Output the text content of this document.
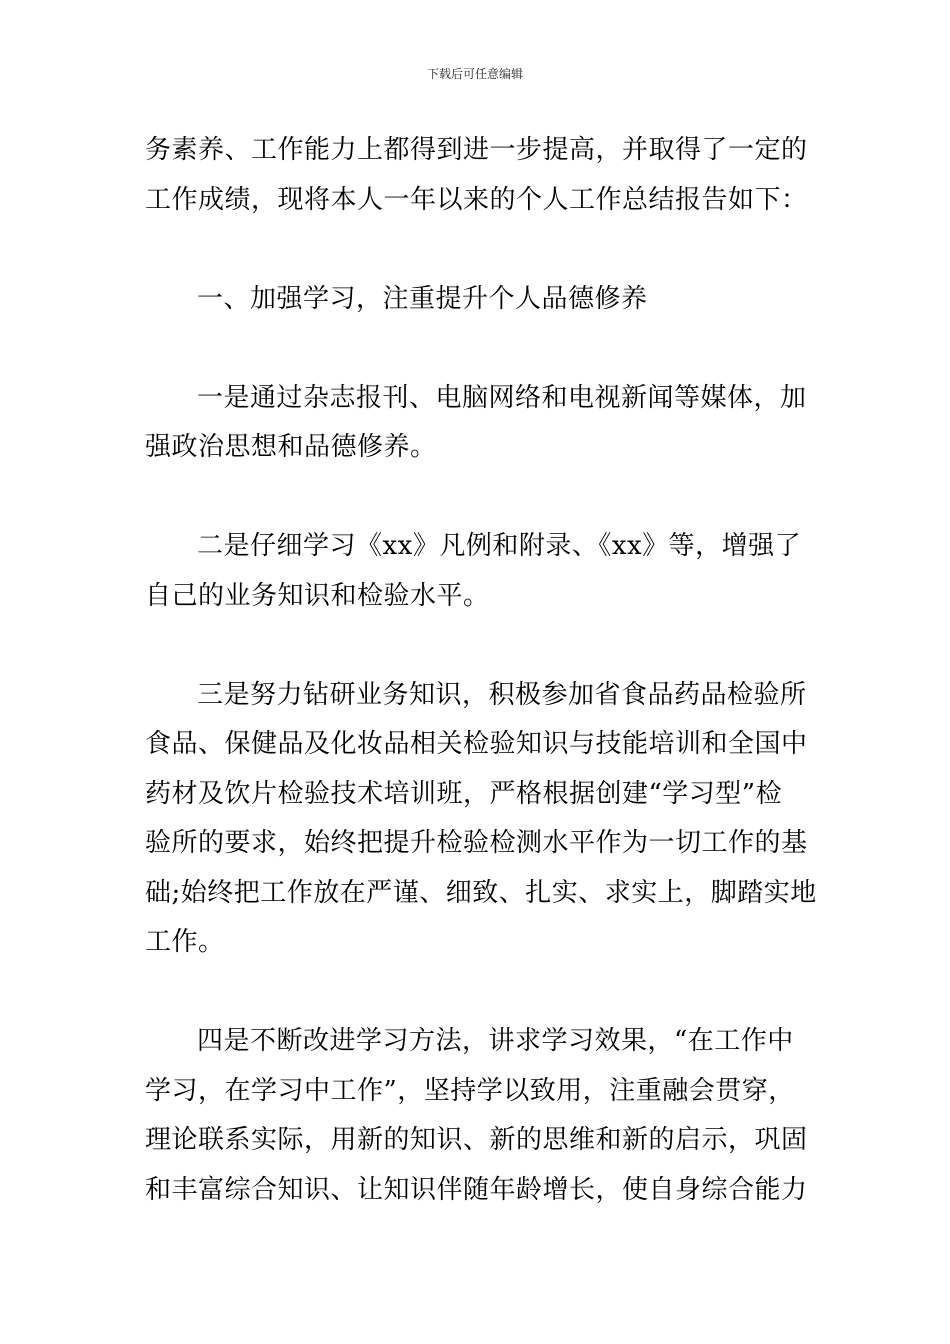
下载后可任意编辑
务素养、工作能力上都得到进一步提高，并取得了一定的
工作成绩，现将本人一年以来的个人工作总结报告如下：
一、加强学习，注重提升个人品德修养
一是通过杂志报刊、电脑网络和电视新闻等媒体，加
强政治思想和品德修养。
二是仔细学习《xx》凡例和附录、《xx》等，增强了
自己的业务知识和检验水平。
三是努力钻研业务知识，积极参加省食品药品检验所
食品、保健品及化妆品相关检验知识与技能培训和全国中
药材及饮片检验技术培训班，严格根据创建“学习型”检
验所的要求，始终把提升检验检测水平作为一切工作的基
础;始终把工作放在严谨、细致、扎实、求实上，脚踏实地
工作。
四是不断改进学习方法，讲求学习效果，“在工作中
学习，在学习中工作”，坚持学以致用，注重融会贯穿，
理论联系实际，用新的知识、新的思维和新的启示，巩固
和丰富综合知识、让知识伴随年龄增长，使自身综合能力
